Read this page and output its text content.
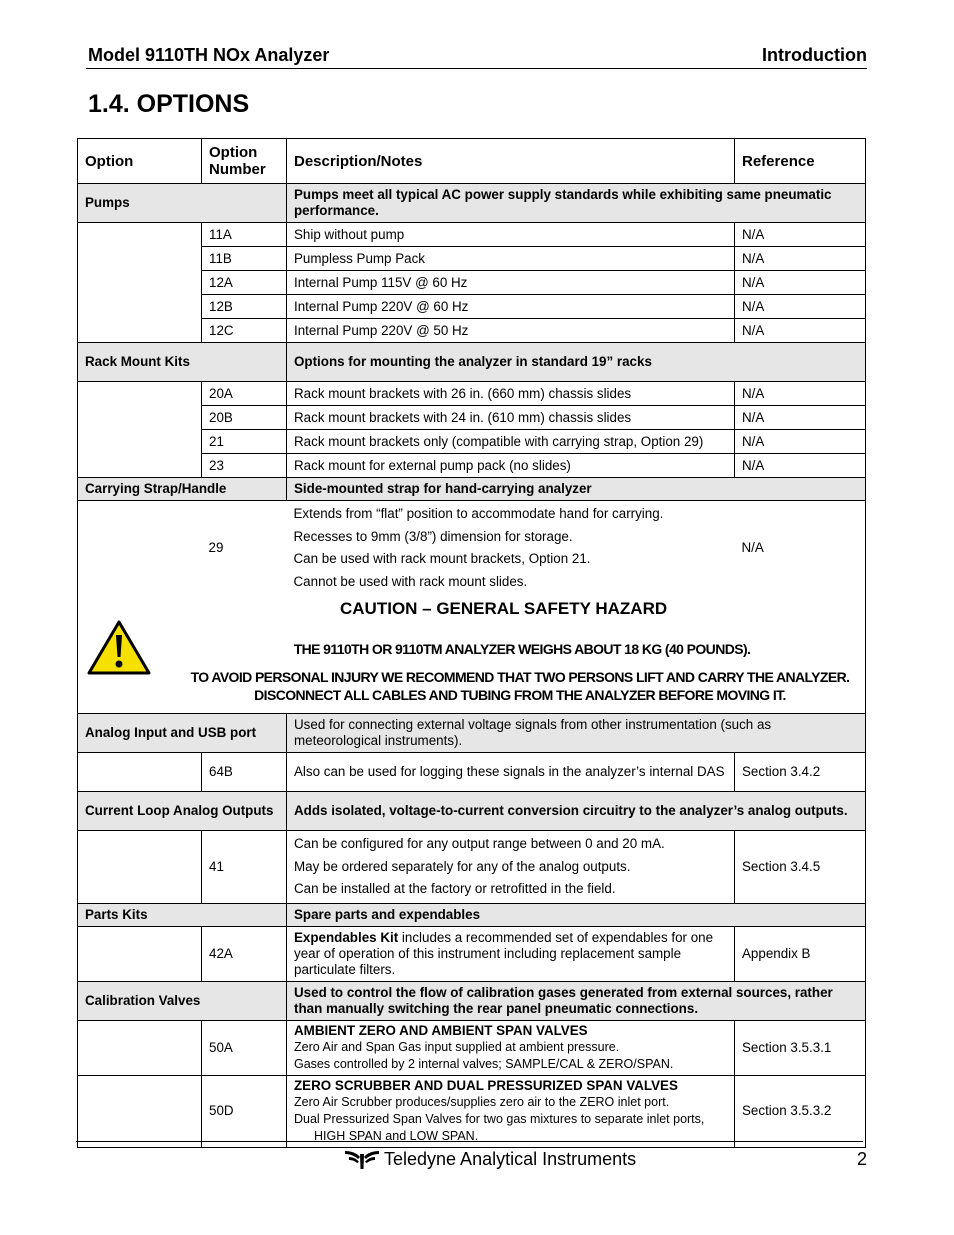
Model 9110TH NOx Analyzer	Introduction
1.4. OPTIONS
Option	Option Number	Description/Notes	Reference
Pumps		Pumps meet all typical AC power supply standards while exhibiting same pneumatic performance.	
	11A	Ship without pump	N/A
	11B	Pumpless Pump Pack	N/A
	12A	Internal Pump 115V @ 60 Hz	N/A
	12B	Internal Pump 220V @ 60 Hz	N/A
	12C	Internal Pump 220V @ 50 Hz	N/A
Rack Mount Kits		Options for mounting the analyzer in standard 19” racks	
	20A	Rack mount brackets with 26 in. (660 mm) chassis slides	N/A
	20B	Rack mount brackets with 24 in. (610 mm) chassis slides	N/A
	21	Rack mount brackets only (compatible with carrying strap, Option 29)	N/A
	23	Rack mount for external pump pack (no slides)	N/A
Carrying Strap/Handle		Side-mounted strap for hand-carrying analyzer	
	29	Extends from “flat” position to accommodate hand for carrying.

Recesses to 9mm (3/8”) dimension for storage.

Can be used with rack mount brackets, Option 21.

Cannot be used with rack mount slides.	N/A

CAUTION – GENERAL SAFETY HAZARD
THE 9110TH OR 9110TM ANALYZER WEIGHS ABOUT 18 KG (40 POUNDS).
TO AVOID PERSONAL INJURY WE RECOMMEND THAT TWO PERSONS LIFT AND CARRY THE ANALYZER. DISCONNECT ALL CABLES AND TUBING FROM THE ANALYZER BEFORE MOVING IT.			

Analog Input and USB port		Used for connecting external voltage signals from other instrumentation (such as meteorological instruments).	
	64B	Also can be used for logging these signals in the analyzer’s internal DAS	Section 3.4.2
Current Loop Analog Outputs		Adds isolated, voltage-to-current conversion circuitry to the analyzer’s analog outputs.	
	41	Can be configured for any output range between 0 and 20 mA.

May be ordered separately for any of the analog outputs.

Can be installed at the factory or retrofitted in the field.	Section 3.4.5
Parts Kits		Spare parts and expendables	
	42A	Expendables Kit includes a recommended set of expendables for one year of operation of this instrument including replacement sample particulate filters.	Appendix B
Calibration Valves		Used to control the flow of calibration gases generated from external sources, rather than manually switching the rear panel pneumatic connections.	
	50A	AMBIENT ZERO AND AMBIENT SPAN VALVES

Zero Air and Span Gas input supplied at ambient pressure.

Gases controlled by 2 internal valves; SAMPLE/CAL & ZERO/SPAN.	Section 3.5.3.1
	50D	ZERO SCRUBBER AND DUAL PRESSURIZED SPAN VALVES

Zero Air Scrubber produces/supplies zero air to the ZERO inlet port.

Dual Pressurized Span Valves for two gas mixtures to separate inlet ports,

HIGH SPAN and LOW SPAN.	Section 3.5.3.2
Teledyne Analytical Instruments	2
